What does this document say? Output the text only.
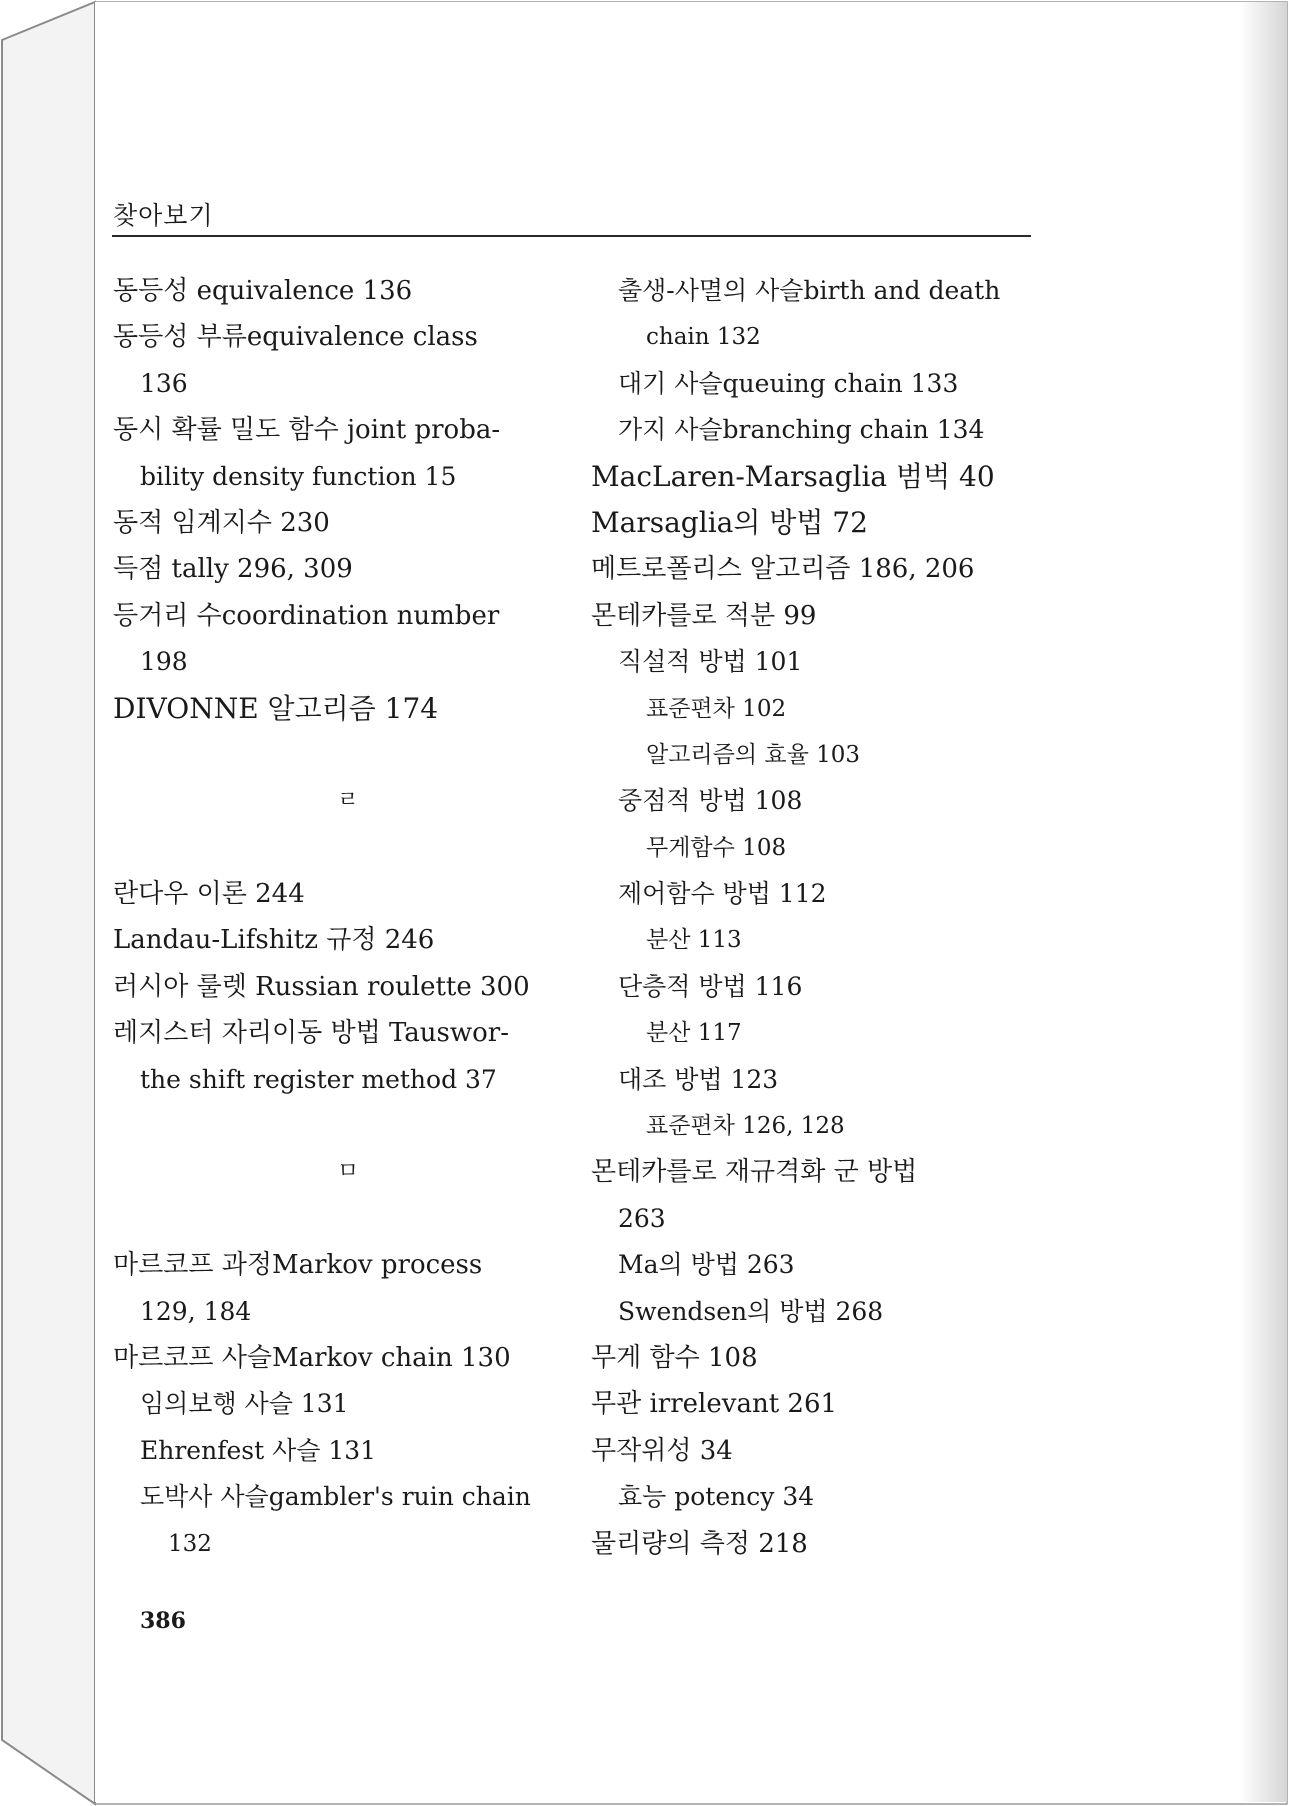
찾아보기
동등성 equivalence 136
동등성 부류equivalence class
136
동시 확률 밀도 함수 joint proba-
bility density function 15
동적 임계지수 230
득점 tally 296, 309
등거리 수coordination number
198
DIVONNE 알고리즘 174
ㄹ
란다우 이론 244
Landau-Lifshitz 규정 246
러시아 룰렛 Russian roulette 300
레지스터 자리이동 방법 Tauswor-
the shift register method 37
ㅁ
마르코프 과정Markov process
129, 184
마르코프 사슬Markov chain 130
임의보행 사슬 131
Ehrenfest 사슬 131
도박사 사슬gambler's ruin chain
132
출생-사멸의 사슬birth and death
chain 132
대기 사슬queuing chain 133
가지 사슬branching chain 134
MacLaren-Marsaglia 범벅 40
Marsaglia의 방법 72
메트로폴리스 알고리즘 186, 206
몬테카를로 적분 99
직설적 방법 101
표준편차 102
알고리즘의 효율 103
중점적 방법 108
무게함수 108
제어함수 방법 112
분산 113
단층적 방법 116
분산 117
대조 방법 123
표준편차 126, 128
몬테카를로 재규격화 군 방법
263
Ma의 방법 263
Swendsen의 방법 268
무게 함수 108
무관 irrelevant 261
무작위성 34
효능 potency 34
물리량의 측정 218
386
